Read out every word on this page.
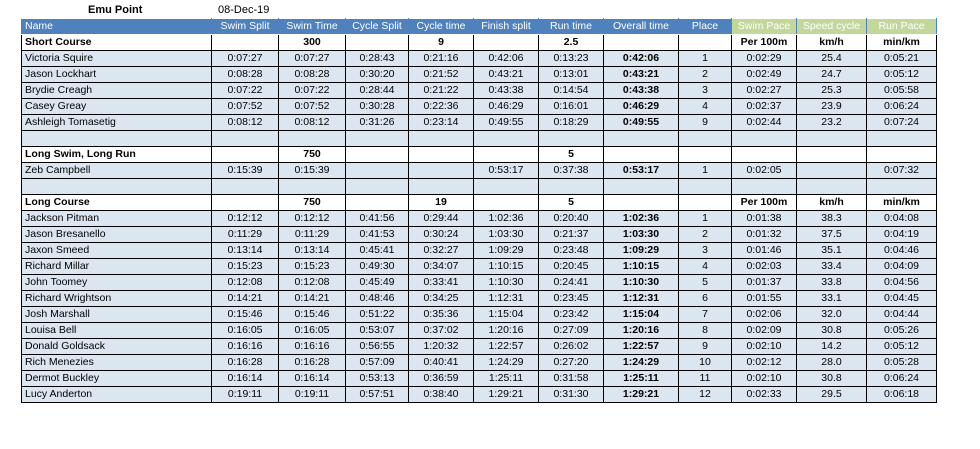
Emu Point	08-Dec-19
Name	Swim Split	Swim Time	Cycle Split	Cycle time	Finish split	Run time	Overall time	Place	Swim Pace	Speed cycle	Run Pace
Short Course		300		9		2.5			Per 100m	km/h	min/km
Victoria Squire	0:07:27	0:07:27	0:28:43	0:21:16	0:42:06	0:13:23	0:42:06	1	0:02:29	25.4	0:05:21
Jason Lockhart	0:08:28	0:08:28	0:30:20	0:21:52	0:43:21	0:13:01	0:43:21	2	0:02:49	24.7	0:05:12
Brydie Creagh	0:07:22	0:07:22	0:28:44	0:21:22	0:43:38	0:14:54	0:43:38	3	0:02:27	25.3	0:05:58
Casey Greay	0:07:52	0:07:52	0:30:28	0:22:36	0:46:29	0:16:01	0:46:29	4	0:02:37	23.9	0:06:24
Ashleigh Tomasetig	0:08:12	0:08:12	0:31:26	0:23:14	0:49:55	0:18:29	0:49:55	9	0:02:44	23.2	0:07:24

Long Swim, Long Run		750				5					
Zeb Campbell	0:15:39	0:15:39			0:53:17	0:37:38	0:53:17	1	0:02:05		0:07:32

Long Course		750		19		5			Per 100m	km/h	min/km
Jackson Pitman	0:12:12	0:12:12	0:41:56	0:29:44	1:02:36	0:20:40	1:02:36	1	0:01:38	38.3	0:04:08
Jason Bresanello	0:11:29	0:11:29	0:41:53	0:30:24	1:03:30	0:21:37	1:03:30	2	0:01:32	37.5	0:04:19
Jaxon Smeed	0:13:14	0:13:14	0:45:41	0:32:27	1:09:29	0:23:48	1:09:29	3	0:01:46	35.1	0:04:46
Richard Millar	0:15:23	0:15:23	0:49:30	0:34:07	1:10:15	0:20:45	1:10:15	4	0:02:03	33.4	0:04:09
John Toomey	0:12:08	0:12:08	0:45:49	0:33:41	1:10:30	0:24:41	1:10:30	5	0:01:37	33.8	0:04:56
Richard Wrightson	0:14:21	0:14:21	0:48:46	0:34:25	1:12:31	0:23:45	1:12:31	6	0:01:55	33.1	0:04:45
Josh Marshall	0:15:46	0:15:46	0:51:22	0:35:36	1:15:04	0:23:42	1:15:04	7	0:02:06	32.0	0:04:44
Louisa Bell	0:16:05	0:16:05	0:53:07	0:37:02	1:20:16	0:27:09	1:20:16	8	0:02:09	30.8	0:05:26
Donald Goldsack	0:16:16	0:16:16	0:56:55	1:20:32	1:22:57	0:26:02	1:22:57	9	0:02:10	14.2	0:05:12
Rich Menezies	0:16:28	0:16:28	0:57:09	0:40:41	1:24:29	0:27:20	1:24:29	10	0:02:12	28.0	0:05:28
Dermot Buckley	0:16:14	0:16:14	0:53:13	0:36:59	1:25:11	0:31:58	1:25:11	11	0:02:10	30.8	0:06:24
Lucy Anderton	0:19:11	0:19:11	0:57:51	0:38:40	1:29:21	0:31:30	1:29:21	12	0:02:33	29.5	0:06:18
